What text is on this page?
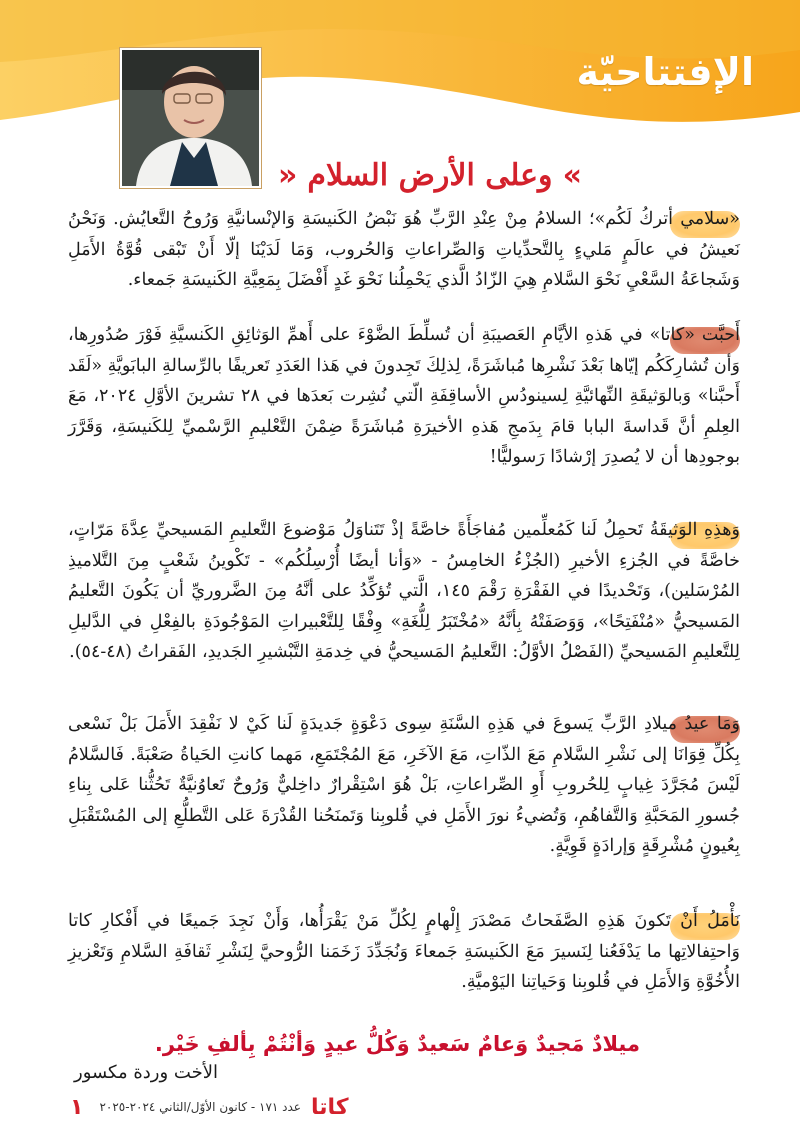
الإفتتاحيّة
»وعلى الأرض السلام«

«سلامي أتركُ لَكُم»؛ السلامُ مِنْ عِنْدِ الرَّبِّ هُوَ نَبْضُ الكَنيسَةِ وَالإنْسانيَّةِ وَرُوحُ التَّعايُش. وَنَحْنُ نَعيشُ في عالَمٍ مَليءٍ بِالتَّحدِّياتِ وَالصِّراعاتِ وَالحُروب، وَمَا لَدَيْنَا إلّا أَنْ تَبْقى قُوَّةُ الأَمَلِ وَشَجاعَةُ السَّعْيِ نَحْوَ السَّلامِ هِيَ الزّادُ الَّذي يَحْمِلُنا نَحْوَ غَدٍ أَفْضَلَ بِمَعِيَّةِ الكَنيسَةِ جَمعاء.

أَحبَّت «كاتا» في هَذهِ الأيَّامِ العَصيبَةِ أن تُسلِّطَ الضَّوْءَ على أَهمِّ الوَثائِقِ الكَنسيَّةِ فَوْرَ صُدُورِها، وَأن تُشارِكَكُم إيّاها بَعْدَ نَشْرِها مُباشَرَةً، لِذلِكَ تَجِدونَ في هَذا العَدَدِ تَعريفًا بالرِّسالةِ البابَويَّةِ «لَقَد أَحبَّنا» وَبالوَثيقَةِ النِّهائيَّةِ لِسينودُسِ الأساقِفَةِ الّتي نُشِرت بَعدَها في ٢٨ تشرينَ الأوَّلِ ٢٠٢٤، مَعَ العِلمِ أنَّ قَداسةَ البابا قامَ بِدَمجِ هَذهِ الأخيرَةِ مُباشَرَةً ضِمْنَ التَّعْليمِ الرَّسْميِّ لِلكَنيسَةِ، وَقَرَّرَ بوجودِها أن لا يُصدِرَ إرْشادًا رَسوليًّا!

وَهذِهِ الوَثيقَةُ تَحمِلُ لَنا كَمُعلِّمين مُفاجَأَةً خاصَّةً إذْ تَتَناوَلُ مَوْضوعَ التَّعليمِ المَسيحيِّ عِدَّةَ مَرّاتٍ، خاصَّةً في الجُزءِ الأخيرِ (الجُزْءُ الخامِسُ - «وَأنا أيضًا أُرْسِلُكُم» - تَكْوينُ شَعْبٍ مِنَ التَّلاميذِ المُرْسَلين)، وَتَحْديدًا في الفَقْرَةِ رَقْمَ ١٤٥، الَّتي تُؤكِّدُ على أنَّهُ مِنَ الضَّروريِّ أن يَكُونَ التَّعليمُ المَسيحيُّ «مُنْفَتِحًا»، وَوَصَفَتْهُ بِأنَّهُ «مُخْتَبَرُ لِلُّغَةِ» وِفْقًا لِلتَّعْبيراتِ المَوْجُودَةِ بالفِعْلِ في الدَّليلِ لِلتَّعليمِ المَسيحيِّ (الفَصْلُ الأوَّلُ: التَّعليمُ المَسيحيُّ في خِدمَةِ التَّبْشيرِ الجَديدِ، الفَقراتُ (٤٨-٥٤).

وَمَا عيدُ ميلادِ الرَّبِّ يَسوعَ في هَذِهِ السَّنَةِ سِوى دَعْوَةٍ جَديدَةٍ لَنا كَيْ لا نَفْقِدَ الأَمَلَ بَلْ نَسْعى بِكُلِّ قِوَانَا إلى نَشْرِ السَّلامِ مَعَ الذّاتِ، مَعَ الآخَرِ، مَعَ المُجْتَمَعِ، مَهما كانتِ الحَياةُ صَعْبَةً. فَالسَّلامُ لَيْسَ مُجَرَّدَ غِيابٍ لِلحُروبِ أَوِ الصِّراعاتِ، بَلْ هُوَ اسْتِقْرارٌ داخِليٌّ وَرُوحٌ تَعاوُنيَّةٌ تَحُثُّنا عَلى بِناءِ جُسورِ المَحَبَّةِ وَالتَّفاهُمِ، وَتُضيءُ نورَ الأَمَلِ في قُلوبِنا وَتَمنَحُنا القُدْرَةَ عَلى التَّطلُّعِ إلى المُسْتَقْبَلِ بِعُيونٍ مُشْرِقَةٍ وَإرادَةٍ قَوِيَّةٍ.

نَأْمَلُ أَنْ تَكونَ هَذِهِ الصَّفَحاتُ مَصْدَرَ إِلْهامٍ لِكُلِّ مَنْ يَقْرَأُها، وَأَنْ نَجِدَ جَميعًا في أَفْكارِ كاتا وَاحتِفالاتِها ما يَدْفَعُنا لِنَسيرَ مَعَ الكَنيسَةِ جَمعاءَ وَنُجَدِّدَ زَخَمَنا الرُّوحيَّ لِنَشْرِ ثَقافَةِ السَّلامِ وَتَعْزيزِ الأُخُوَّةِ وَالأَمَلِ في قُلوبِنا وَحَياتِنا اليَوْميَّةِ.

ميلادٌ مَجيدٌ وَعامٌ سَعيدٌ وَكُلُّ عيدٍ وَأنْتُمْ بِألفِ خَيْر.

الأخت وردة مكسور

كاتا
عدد ١٧١ - كانون الأوّل/الثاني ٢٠٢٤-٢٠٢٥
١
